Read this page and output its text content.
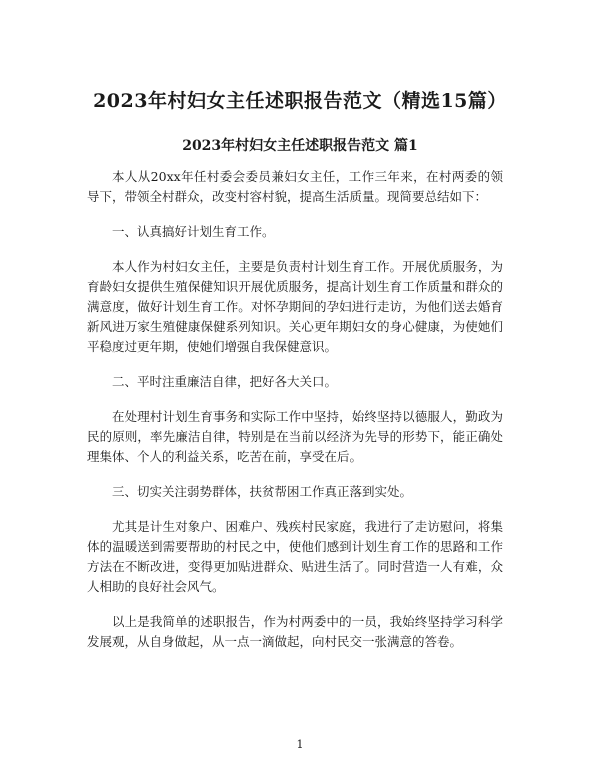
2023年村妇女主任述职报告范文（精选15篇）
2023年村妇女主任述职报告范文 篇1

本人从20xx年任村委会委员兼妇女主任，工作三年来，在村两委的领导下，带领全村群众，改变村容村貌，提高生活质量。现简要总结如下：

一、认真搞好计划生育工作。

本人作为村妇女主任，主要是负责村计划生育工作。开展优质服务，为育龄妇女提供生殖保健知识开展优质服务，提高计划生育工作质量和群众的满意度，做好计划生育工作。对怀孕期间的孕妇进行走访，为他们送去婚育新风进万家生殖健康保健系列知识。关心更年期妇女的身心健康，为使她们平稳度过更年期，使她们增强自我保健意识。

二、平时注重廉洁自律，把好各大关口。

在处理村计划生育事务和实际工作中坚持，始终坚持以德服人，勤政为民的原则，率先廉洁自律，特别是在当前以经济为先导的形势下，能正确处理集体、个人的利益关系，吃苦在前，享受在后。

三、切实关注弱势群体，扶贫帮困工作真正落到实处。

尤其是计生对象户、困难户、残疾村民家庭，我进行了走访慰问，将集体的温暖送到需要帮助的村民之中，使他们感到计划生育工作的思路和工作方法在不断改进，变得更加贴进群众、贴进生活了。同时营造一人有难，众人相助的良好社会风气。

以上是我简单的述职报告，作为村两委中的一员，我始终坚持学习科学发展观，从自身做起，从一点一滴做起，向村民交一张满意的答卷。

1
